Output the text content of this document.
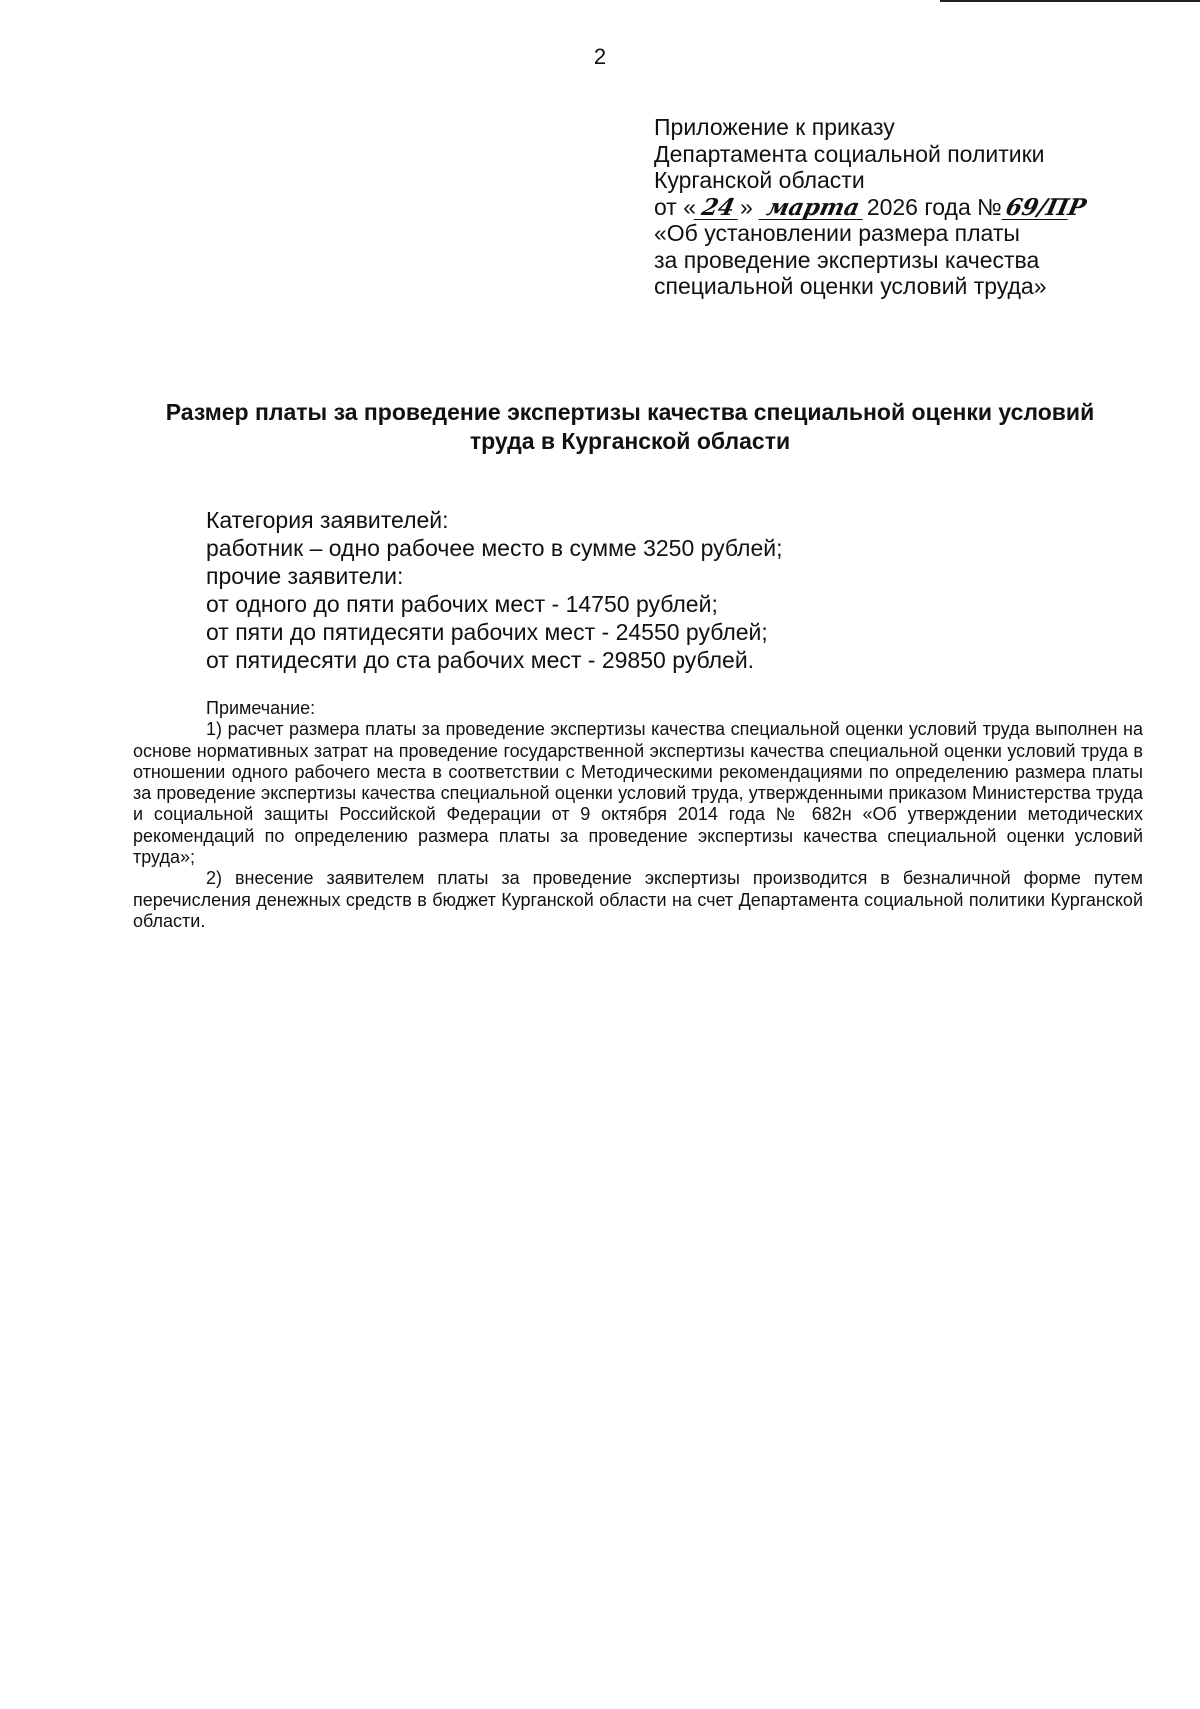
2
Приложение к приказу
Департамента социальной политики
Курганской области
от « 24 » марта 2026 года №69/ПР
«Об установлении размера платы
за проведение экспертизы качества
специальной оценки условий труда»
Размер платы за проведение экспертизы качества специальной оценки условий
труда в Курганской области
Категория заявителей:
работник – одно рабочее место в сумме 3250 рублей;
прочие заявители:
от одного до пяти рабочих мест - 14750 рублей;
от пяти до пятидесяти рабочих мест - 24550 рублей;
от пятидесяти до ста рабочих мест - 29850 рублей.
Примечание:

1) расчет размера платы за проведение экспертизы качества специальной оценки условий труда выполнен на основе нормативных затрат на проведение государственной экспертизы качества специальной оценки условий труда в отношении одного рабочего места в соответствии с Методическими рекомендациями по определению размера платы за проведение экспертизы качества специальной оценки условий труда, утвержденными приказом Министерства труда и социальной защиты Российской Федерации от 9 октября 2014 года № 682н «Об утверждении методических рекомендаций по определению размера платы за проведение экспертизы качества специальной оценки условий труда»;

2) внесение заявителем платы за проведение экспертизы производится в безналичной форме путем перечисления денежных средств в бюджет Курганской области на счет Департамента социальной политики Курганской области.
